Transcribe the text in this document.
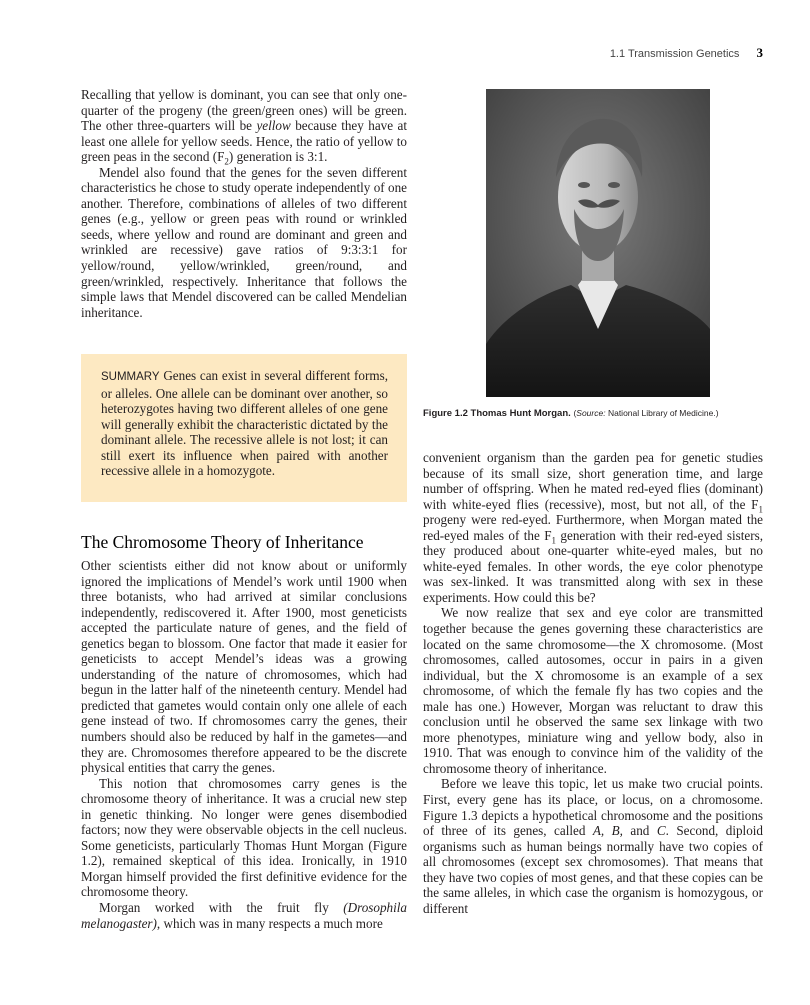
1.1 Transmission Genetics 3

Recalling that yellow is dominant, you can see that only one-quarter of the progeny (the green/green ones) will be green. The other three-quarters will be yellow because they have at least one allele for yellow seeds. Hence, the ratio of yellow to green peas in the second $(F_2)$ generation is 3:1.

Mendel also found that the genes for the seven different characteristics he chose to study operate independently of one another. Therefore, combinations of alleles of two different genes (e.g., yellow or green peas with round or wrinkled seeds, where yellow and round are dominant and green and wrinkled are recessive) gave ratios of 9:3:3:1 for yellow/round, yellow/wrinkled, green/round, and green/wrinkled, respectively. Inheritance that follows the simple laws that Mendel discovered can be called Mendelian inheritance.

SUMMARY Genes can exist in several different forms, or alleles. One allele can be dominant over another, so heterozygotes having two different alleles of one gene will generally exhibit the characteristic dictated by the dominant allele. The recessive allele is not lost; it can still exert its influence when paired with another recessive allele in a homozygote.
The Chromosome Theory of Inheritance

Other scientists either did not know about or uniformly ignored the implications of Mendel’s work until 1900 when three botanists, who had arrived at similar conclusions independently, rediscovered it. After 1900, most geneticists accepted the particulate nature of genes, and the field of genetics began to blossom. One factor that made it easier for geneticists to accept Mendel’s ideas was a growing understanding of the nature of chromosomes, which had begun in the latter half of the nineteenth century. Mendel had predicted that gametes would contain only one allele of each gene instead of two. If chromosomes carry the genes, their numbers should also be reduced by half in the gametes—and they are. Chromosomes therefore appeared to be the discrete physical entities that carry the genes.

This notion that chromosomes carry genes is the chromosome theory of inheritance. It was a crucial new step in genetic thinking. No longer were genes disembodied factors; now they were observable objects in the cell nucleus. Some geneticists, particularly Thomas Hunt Morgan (Figure 1.2), remained skeptical of this idea. Ironically, in 1910 Morgan himself provided the first definitive evidence for the chromosome theory.

Morgan worked with the fruit fly (Drosophila melanogaster), which was in many respects a much more

Figure 1.2 Thomas Hunt Morgan. (Source: National Library of Medicine.)

convenient organism than the garden pea for genetic studies because of its small size, short generation time, and large number of offspring. When he mated red-eyed flies (dominant) with white-eyed flies (recessive), most, but not all, of the $F_1$ progeny were red-eyed. Furthermore, when Morgan mated the red-eyed males of the $F_1$ generation with their red-eyed sisters, they produced about one-quarter white-eyed males, but no white-eyed females. In other words, the eye color phenotype was sex-linked. It was transmitted along with sex in these experiments. How could this be?

We now realize that sex and eye color are transmitted together because the genes governing these characteristics are located on the same chromosome—the X chromosome. (Most chromosomes, called autosomes, occur in pairs in a given individual, but the X chromosome is an example of a sex chromosome, of which the female fly has two copies and the male has one.) However, Morgan was reluctant to draw this conclusion until he observed the same sex linkage with two more phenotypes, miniature wing and yellow body, also in 1910. That was enough to convince him of the validity of the chromosome theory of inheritance.

Before we leave this topic, let us make two crucial points. First, every gene has its place, or locus, on a chromosome. Figure 1.3 depicts a hypothetical chromosome and the positions of three of its genes, called A, B, and C. Second, diploid organisms such as human beings normally have two copies of all chromosomes (except sex chromosomes). That means that they have two copies of most genes, and that these copies can be the same alleles, in which case the organism is homozygous, or different
